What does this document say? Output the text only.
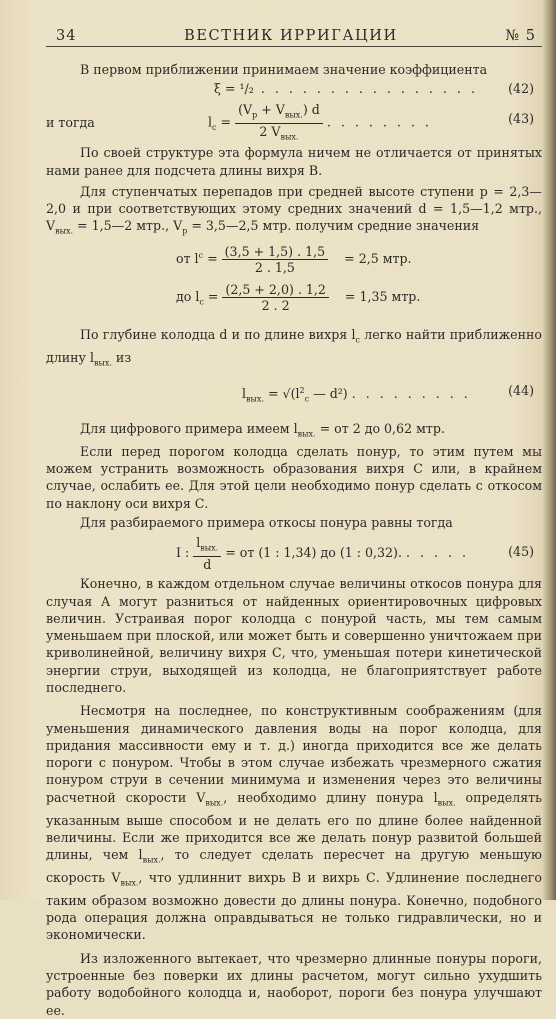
34	ВЕСТНИК ИРРИГАЦИИ	№ 5

В первом приближении принимаем значение коэффициента

ξ = ¹/₂ . . . . . . . . . . . . . . . . (42)
и тогда	$l_c = \frac{(V_p + V_{вых.}) d}{2 V_{вых.}}$ . . . . . . . .	(43)

По своей структуре эта формула ничем не отличается от принятых нами ранее для подсчета длины вихря В.

Для ступенчатых перепадов при средней высоте ступени p = 2,3—2,0 и при соответствующих этому средних значений d = 1,5—1,2 мтр., $V_{вых.}$ = 1,5—2 мтр., $V_p$ = 3,5—2,5 мтр. получим средние значения

от $l^c = \frac{(3,5 + 1,5) . 1,5}{2 . 1,5} = 2,5$ мтр.
до $l_c = \frac{(2,5 + 2,0) . 1,2}{2 . 2} = 1,35$ мтр.

По глубине колодца d и по длине вихря $l_c$ легко найти приближенно длину $l_{вых.}$ из

$l_{вых.} = √(l^2_c$ — d²) . . . . . . . . .	(44)

Для цифрового примера имеем $l_{вых.}$ = от 2 до 0,62 мтр.

Если перед порогом колодца сделать понур, то этим путем мы можем устранить возможность образования вихря С или, в крайнем случае, ослабить ее. Для этой цели необходимо понур сделать с откосом по наклону оси вихря С.

Для разбираемого примера откосы понура равны тогда

I : $\frac{l_{вых.}}{d}$ = от (1 : 1,34) до (1 : 0,32). . . . . .	(45)

Конечно, в каждом отдельном случае величины откосов понура для случая А могут разниться от найденных ориентировочных цифровых величин. Устраивая порог колодца с понурой часть, мы тем самым уменьшаем при плоской, или может быть и совершенно уничтожаем при криволинейной, величину вихря С, что, уменьшая потери кинетической энергии струи, выходящей из колодца, не благоприятствует работе последнего.

Несмотря на последнее, по конструктивным соображениям (для уменьшения динамического давления воды на порог колодца, для придания массивности ему и т. д.) иногда приходится все же делать пороги с понуром. Чтобы в этом случае избежать чрезмерного сжатия понуром струи в сечении минимума и изменения через это величины расчетной скорости $V_{вых.}$, необходимо длину понура $l_{вых.}$ определять указанным выше способом и не делать его по длине более найденной величины. Если же приходится все же делать понур развитой большей длины, чем $l_{вых.}$, то следует сделать пересчет на другую меньшую скорость $V_{вых.}$, что удлиннит вихрь В и вихрь С. Удлинение последнего таким образом возможно довести до длины понура. Конечно, подобного рода операция должна оправдываться не только гидравлически, но и экономически.

Из изложенного вытекает, что чрезмерно длинные понуры пороги, устроенные без поверки их длины расчетом, могут сильно ухудшить работу водобойного колодца и, наоборот, пороги без понура улучшают ее.
